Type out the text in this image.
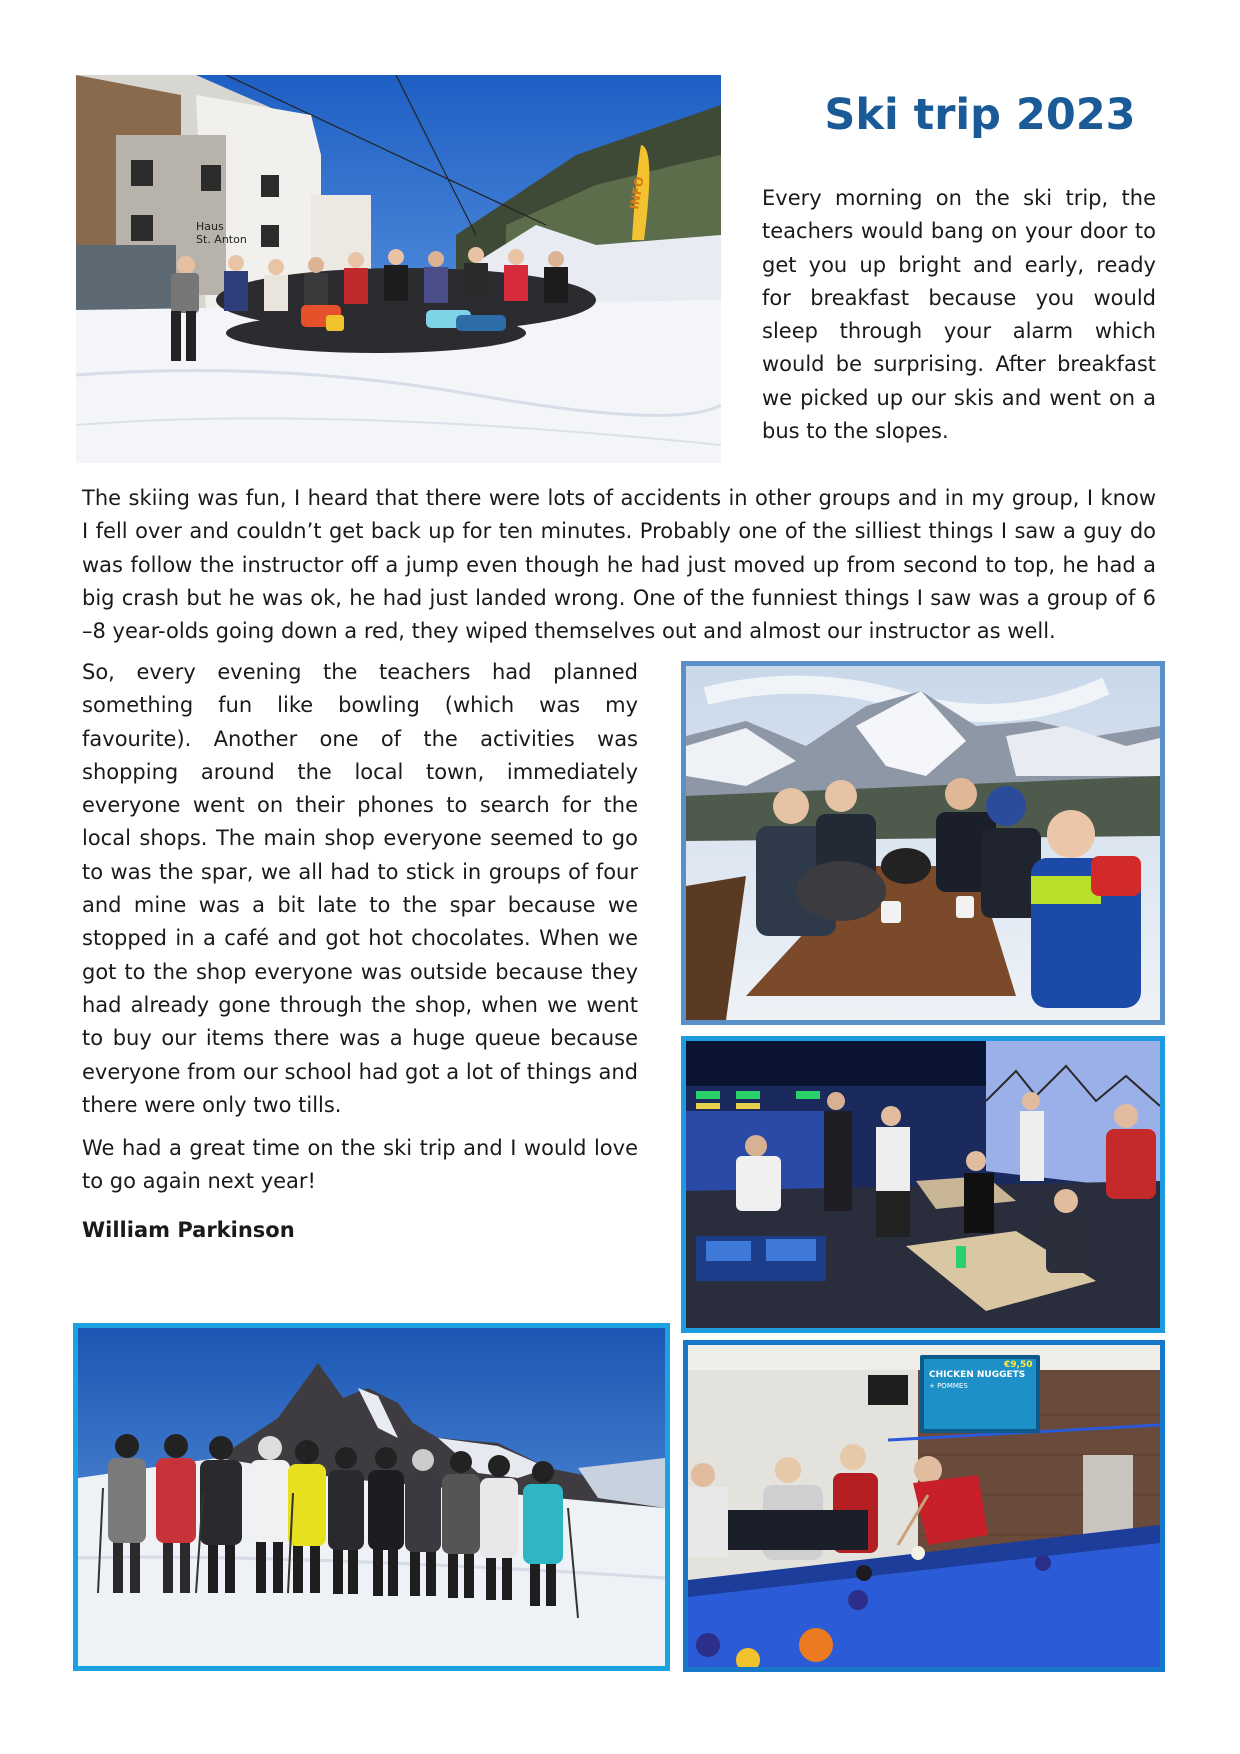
Haus
St. Anton
INFO
Ski trip 2023

Every morning on the ski trip, the
teachers would bang on your door to
get you up bright and early, ready
for breakfast because you would
sleep through your alarm which
would be surprising. After breakfast
we picked up our skis and went on a
bus to the slopes.

The skiing was fun, I heard that there were lots of accidents in other groups and in my group, I know
I fell over and couldn’t get back up for ten minutes. Probably one of the silliest things I saw a guy do
was follow the instructor off a jump even though he had just moved up from second to top, he had a
big crash but he was ok, he had just landed wrong. One of the funniest things I saw was a group of 6
–8 year-olds going down a red, they wiped themselves out and almost our instructor as well.

So, every evening the teachers had planned
something fun like bowling (which was my
favourite). Another one of the activities was
shopping around the local town, immediately
everyone went on their phones to search for the
local shops. The main shop everyone seemed to go
to was the spar, we all had to stick in groups of four
and mine was a bit late to the spar because we
stopped in a café and got hot chocolates. When we
got to the shop everyone was outside because they
had already gone through the shop, when we went
to buy our items there was a huge queue because
everyone from our school had got a lot of things and
there were only two tills.

We had a great time on the ski trip and I would love
to go again next year!

William Parkinson
CHICKEN NUGGETS
+ POMMES
€9,50
